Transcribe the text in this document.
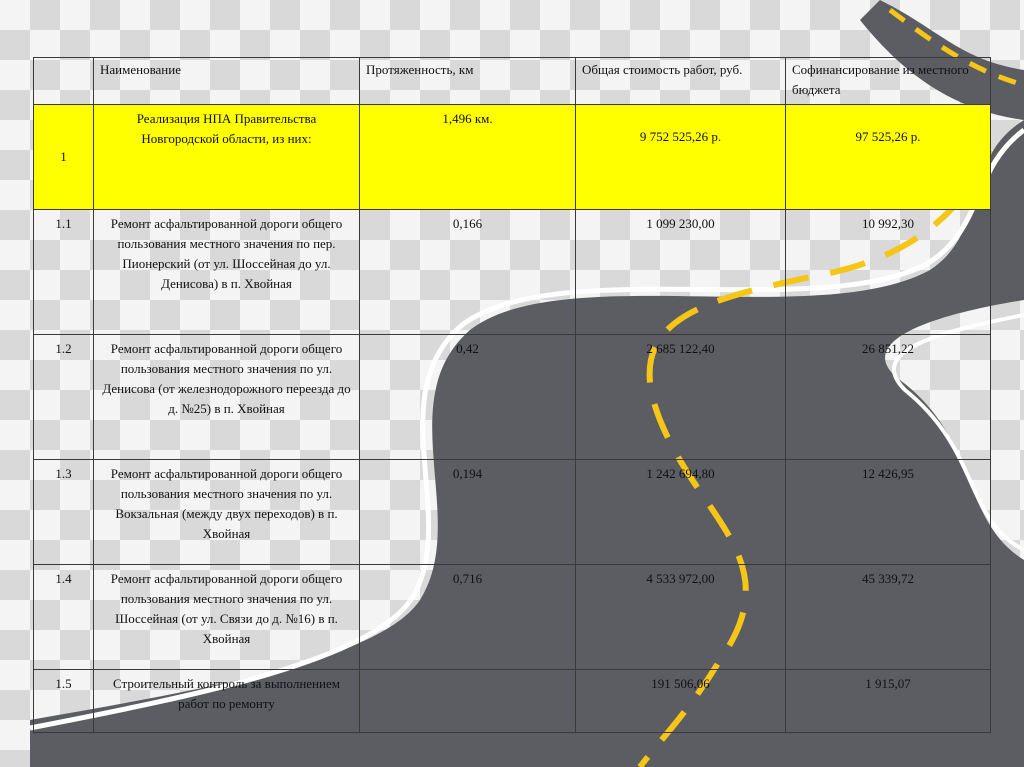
	Наименование	Протяженность, км	Общая стоимость работ, руб.	Софинансирование из местного бюджета
1	Реализация НПА Правительства Новгородской области, из них:	1,496 км.	9 752 525,26 р.	97 525,26 р.
1.1	Ремонт асфальтированной дороги общего пользования местного значения по пер. Пионерский (от ул. Шоссейная до ул. Денисова) в п. Хвойная	0,166	1 099 230,00	10 992,30
1.2	Ремонт асфальтированной дороги общего пользования местного значения по ул. Денисова (от железнодорожного переезда до д. №25) в п. Хвойная	0,42	2 685 122,40	26 851,22
1.3	Ремонт асфальтированной дороги общего пользования местного значения по ул. Вокзальная (между двух переходов) в п. Хвойная	0,194	1 242 694,80	12 426,95
1.4	Ремонт асфальтированной дороги общего пользования местного значения по ул. Шоссейная (от ул. Связи до д. №16) в п. Хвойная	0,716	4 533 972,00	45 339,72
1.5	Строительный контроль за выполнением работ по ремонту		191 506,06	1 915,07
